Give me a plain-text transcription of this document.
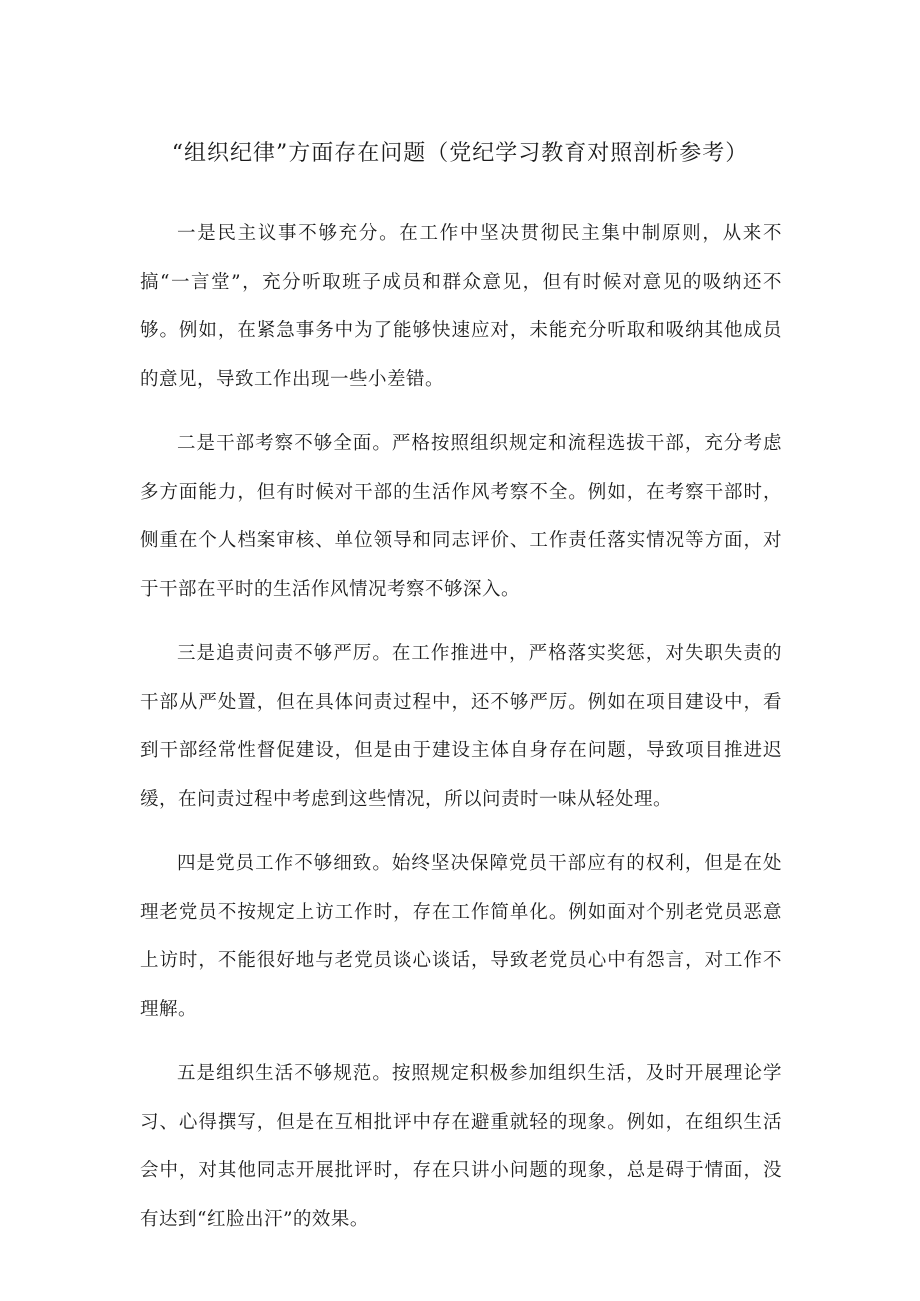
“组织纪律”方面存在问题（党纪学习教育对照剖析参考）

一是民主议事不够充分。在工作中坚决贯彻民主集中制原则，从来不搞“一言堂”，充分听取班子成员和群众意见，但有时候对意见的吸纳还不够。例如，在紧急事务中为了能够快速应对，未能充分听取和吸纳其他成员的意见，导致工作出现一些小差错。

二是干部考察不够全面。严格按照组织规定和流程选拔干部，充分考虑多方面能力，但有时候对干部的生活作风考察不全。例如，在考察干部时，侧重在个人档案审核、单位领导和同志评价、工作责任落实情况等方面，对于干部在平时的生活作风情况考察不够深入。

三是追责问责不够严厉。在工作推进中，严格落实奖惩，对失职失责的干部从严处置，但在具体问责过程中，还不够严厉。例如在项目建设中，看到干部经常性督促建设，但是由于建设主体自身存在问题，导致项目推进迟缓，在问责过程中考虑到这些情况，所以问责时一味从轻处理。

四是党员工作不够细致。始终坚决保障党员干部应有的权利，但是在处理老党员不按规定上访工作时，存在工作简单化。例如面对个别老党员恶意上访时，不能很好地与老党员谈心谈话，导致老党员心中有怨言，对工作不理解。

五是组织生活不够规范。按照规定积极参加组织生活，及时开展理论学习、心得撰写，但是在互相批评中存在避重就轻的现象。例如，在组织生活会中，对其他同志开展批评时，存在只讲小问题的现象，总是碍于情面，没有达到“红脸出汗”的效果。
